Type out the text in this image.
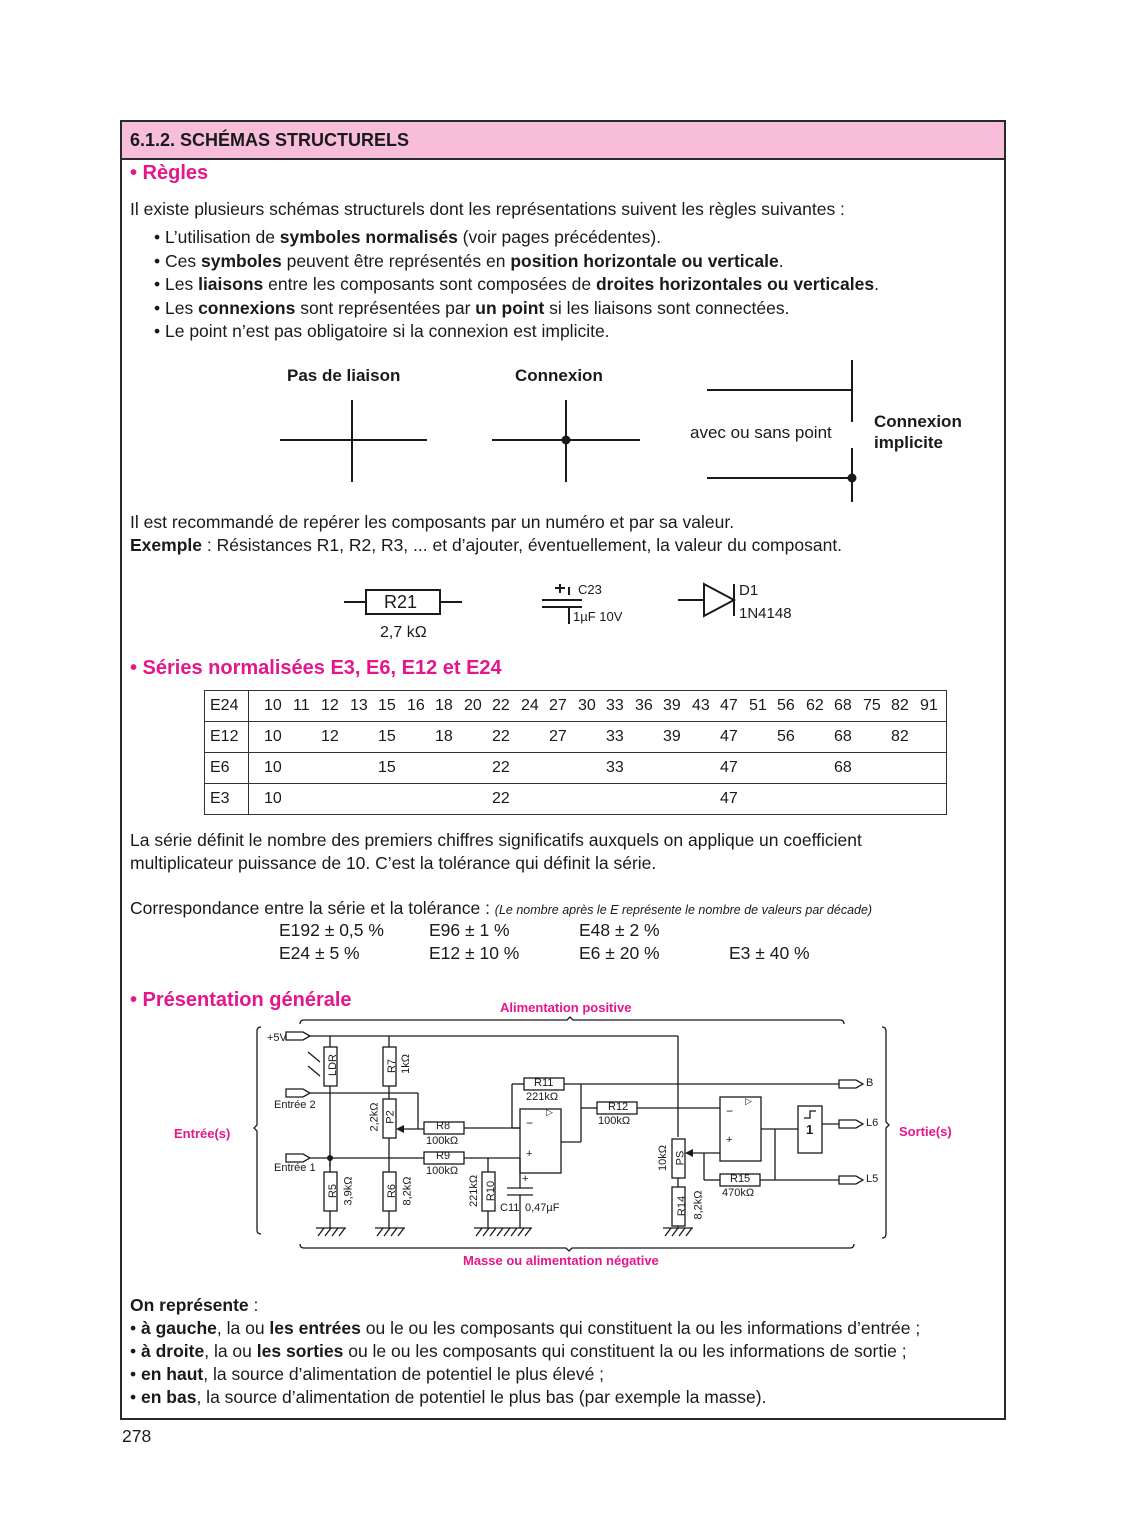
6.1.2. SCHÉMAS STRUCTURELS
• Règles
Il existe plusieurs schémas structurels dont les représentations suivent les règles suivantes :
• L’utilisation de symboles normalisés (voir pages précédentes).
• Ces symboles peuvent être représentés en position horizontale ou verticale.
• Les liaisons entre les composants sont composées de droites horizontales ou verticales.
• Les connexions sont représentées par un point si les liaisons sont connectées.
• Le point n’est pas obligatoire si la connexion est implicite.
Pas de liaison	Connexion
avec ou sans point
Connexion
implicite
Il est recommandé de repérer les composants par un numéro et par sa valeur.
Exemple : Résistances R1, R2, R3, ... et d’ajouter, éventuellement, la valeur du composant.
R21
2,7 kΩ
C23
1µF 10V
D1
1N4148
• Séries normalisées E3, E6, E12 et E24
E24	10 11 12 13 15 16 18 20 22 24 27 30 33 36 39 43 47 51 56 62 68 75 82 91

E12	10 12 15 18 22 27 33 39 47 56 68 82

E6	10	15	22	33	47	68

E3	10 22 47
La série définit le nombre des premiers chiffres significatifs auxquels on applique un coefficient
multiplicateur puissance de 10. C’est la tolérance qui définit la série.
Correspondance entre la série et la tolérance : (Le nombre après le E représente le nombre de valeurs par décade)
E192 ± 0,5 %	E96 ± 1 %	E48 ± 2 %
E24 ± 5 %	E12 ± 10 %	E6 ± 20 %	E3 ± 40 %
• Présentation générale	Alimentation positive
Entrée(s)	Sortie(s)
Masse ou alimentation négative
+5V
Entrée 2
Entrée 1
LDR	R7 1kΩ
P2
2,2kΩ	R8
100kΩ
R9
100kΩ
R5 3,9kΩ	R6 8,2kΩ	R10
221kΩ	+
C11 0,47µF
R11
221kΩ
−
+
▷	R12
100kΩ
PS
10kΩ
R14 8,2kΩ
−
+
▷
R15
470kΩ
1
B
L6
L5
On représente :
• à gauche, la ou les entrées ou le ou les composants qui constituent la ou les informations d’entrée ;
• à droite, la ou les sorties ou le ou les composants qui constituent la ou les informations de sortie ;
• en haut, la source d’alimentation de potentiel le plus élevé ;
• en bas, la source d’alimentation de potentiel le plus bas (par exemple la masse).
278
